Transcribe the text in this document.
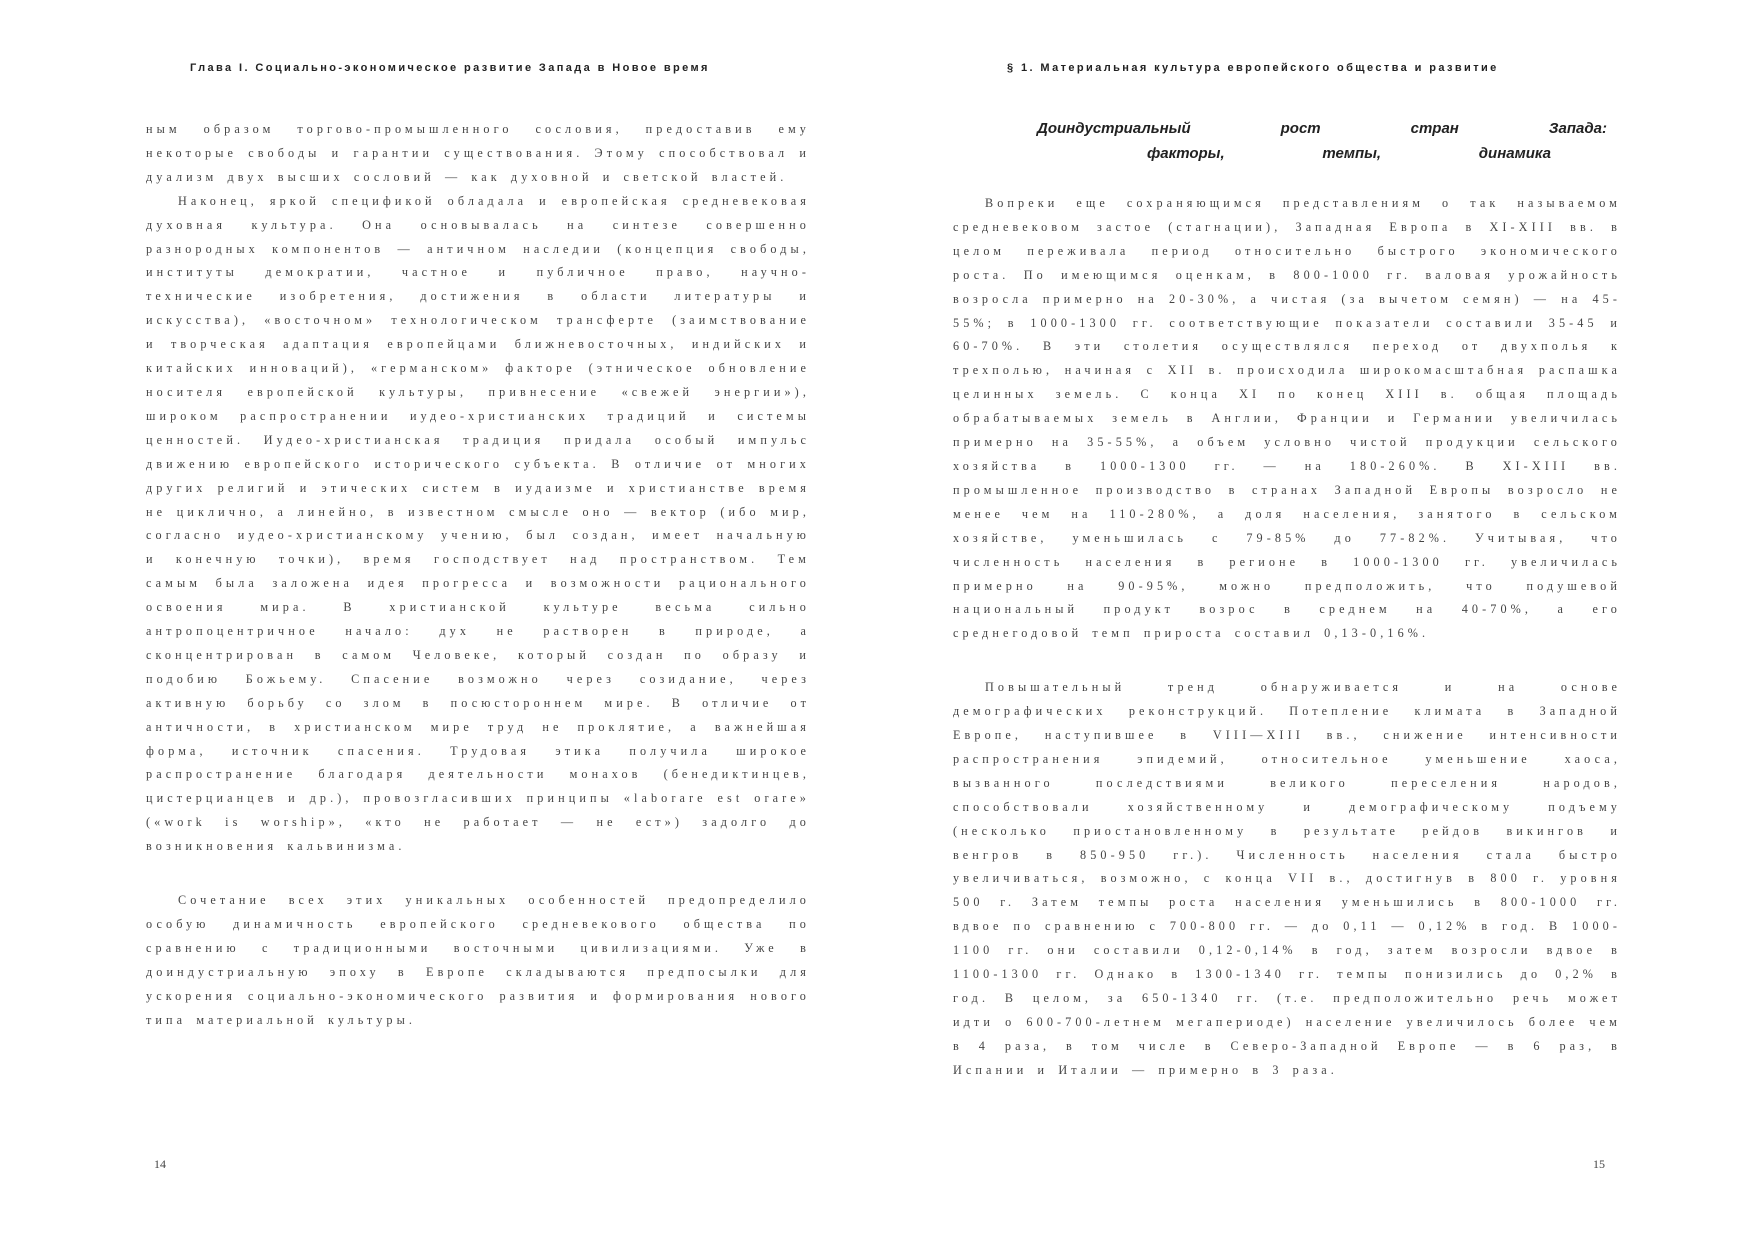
Глава I. Социально-экономическое развитие Запада в Новое время

ным образом торгово-промышленного сословия, предоставив ему некоторые свободы и гарантии существования. Этому способствовал и дуализм двух высших сословий — как духовной и светской властей.

Наконец, яркой спецификой обладала и европейская средневековая духовная культура. Она основывалась на синтезе совершенно разнородных компонентов — античном наследии (концепция свободы, институты демократии, частное и публичное право, научно-технические изобретения, достижения в области литературы и искусства), «восточном» технологическом трансферте (заимствование и творческая адаптация европейцами ближневосточных, индийских и китайских инноваций), «германском» факторе (этническое обновление носителя европейской культуры, привнесение «свежей энергии»), широком распространении иудео-христианских традиций и системы ценностей. Иудео-христианская традиция придала особый импульс движению европейского исторического субъекта. В отличие от многих других религий и этических систем в иудаизме и христианстве время не циклично, а линейно, в известном смысле оно — вектор (ибо мир, согласно иудео-христианскому учению, был создан, имеет начальную и конечную точки), время господствует над пространством. Тем самым была заложена идея прогресса и возможности рационального освоения мира. В христианской культуре весьма сильно антропоцентричное начало: дух не растворен в природе, а сконцентрирован в самом Человеке, который создан по образу и подобию Божьему. Спасение возможно через созидание, через активную борьбу со злом в посюстороннем мире. В отличие от античности, в христианском мире труд не проклятие, а важнейшая форма, источник спасения. Трудовая этика получила широкое распространение благодаря деятельности монахов (бенедиктинцев, цистерцианцев и др.), провозгласивших принципы «laborare est orare» («work is worship», «кто не работает — не ест») задолго до возникновения кальвинизма.

Сочетание всех этих уникальных особенностей предопределило особую динамичность европейского средневекового общества по сравнению с традиционными восточными цивилизациями. Уже в доиндустриальную эпоху в Европе складываются предпосылки для ускорения социально-экономического развития и формирования нового типа материальной культуры.

14
§ 1. Материальная культура европейского общества и развитие
Доиндустриальный	рост	стран	Запада:
факторы,	темпы,	динамика

Вопреки еще сохраняющимся представлениям о так называемом средневековом застое (стагнации), Западная Европа в XI-XIII вв. в целом переживала период относительно быстрого экономического роста. По имеющимся оценкам, в 800-1000 гг. валовая урожайность возросла примерно на 20-30%, а чистая (за вычетом семян) — на 45-55%; в 1000-1300 гг. соответствующие показатели составили 35-45 и 60-70%. В эти столетия осуществлялся переход от двухполья к трехполью, начиная с XII в. происходила широкомасштабная распашка целинных земель. С конца XI по конец XIII в. общая площадь обрабатываемых земель в Англии, Франции и Германии увеличилась примерно на 35-55%, а объем условно чистой продукции сельского хозяйства в 1000-1300 гг. — на 180-260%. В XI-XIII вв. промышленное производство в странах Западной Европы возросло не менее чем на 110-280%, а доля населения, занятого в сельском хозяйстве, уменьшилась с 79-85% до 77-82%. Учитывая, что численность населения в регионе в 1000-1300 гг. увеличилась примерно на 90-95%, можно предположить, что подушевой национальный продукт возрос в среднем на 40-70%, а его среднегодовой темп прироста составил 0,13-0,16%.

Повышательный тренд обнаруживается и на основе демографических реконструкций. Потепление климата в Западной Европе, наступившее в VIII—XIII вв., снижение интенсивности распространения эпидемий, относительное уменьшение хаоса, вызванного последствиями великого переселения народов, способствовали хозяйственному и демографическому подъему (несколько приостановленному в результате рейдов викингов и венгров в 850-950 гг.). Численность населения стала быстро увеличиваться, возможно, с конца VII в., достигнув в 800 г. уровня 500 г. Затем темпы роста населения уменьшились в 800-1000 гг. вдвое по сравнению с 700-800 гг. — до 0,11 — 0,12% в год. В 1000-1100 гг. они составили 0,12-0,14% в год, затем возросли вдвое в 1100-1300 гг. Однако в 1300-1340 гг. темпы понизились до 0,2% в год. В целом, за 650-1340 гг. (т.е. предположительно речь может идти о 600-700-летнем мегапериоде) население увеличилось более чем в 4 раза, в том числе в Северо-Западной Европе — в 6 раз, в Испании и Италии — примерно в 3 раза.

15
